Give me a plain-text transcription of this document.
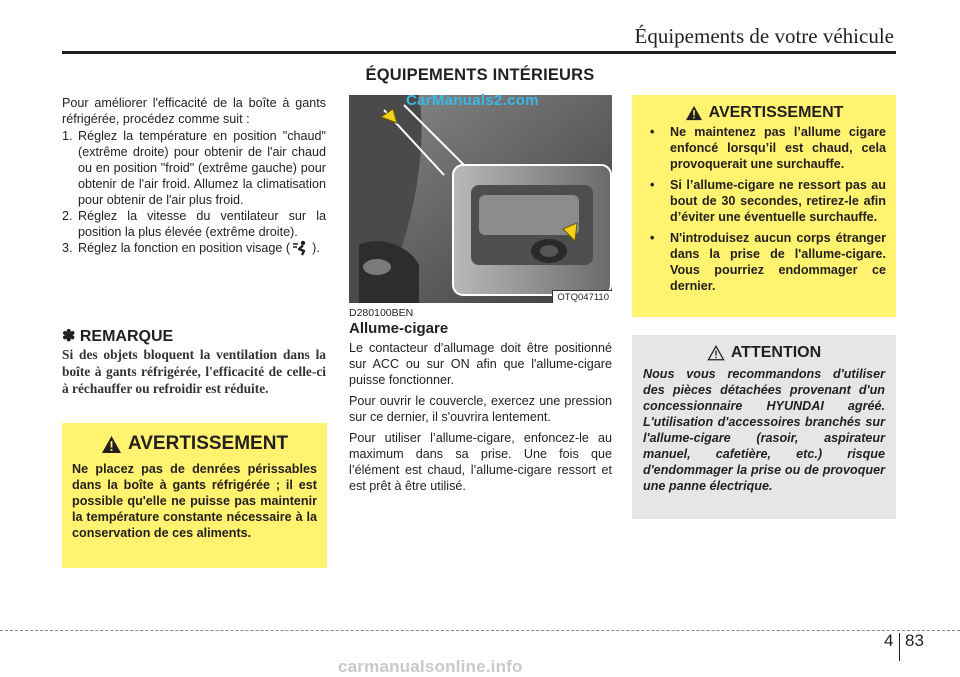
Équipements de votre véhicule
ÉQUIPEMENTS INTÉRIEURS
Pour améliorer l'efficacité de la boîte à gants réfrigérée, procédez comme suit :
1. Réglez la température en position "chaud" (extrême droite) pour obtenir de l'air chaud ou en position "froid" (extrême gauche) pour obtenir de l'air froid. Allumez la climatisation pour obtenir de l'air plus froid.
2. Réglez la vitesse du ventilateur sur la position la plus élevée (extrême droite).
3. Réglez la fonction en position visage ( ).
✽ REMARQUE
Si des objets bloquent la ventilation dans la boîte à gants réfrigérée, l'efficacité de celle-ci à réchauffer ou refroidir est réduite.
AVERTISSEMENT
Ne placez pas de denrées périssables dans la boîte à gants réfrigérée ; il est possible qu'elle ne puisse pas maintenir la température constante nécessaire à la conservation de ces aliments.
OTQ047110
CarManuals2.com
D280100BEN
Allume-cigare

Le contacteur d'allumage doit être positionné sur ACC ou sur ON afin que l'allume-cigare puisse fonctionner.

Pour ouvrir le couvercle, exercez une pression sur ce dernier, il s'ouvrira lentement.

Pour utiliser l’allume-cigare, enfoncez-le au maximum dans sa prise. Une fois que l’élément est chaud, l’allume-cigare ressort et est prêt à être utilisé.

AVERTISSEMENT
• Ne maintenez pas l’allume cigare enfoncé lorsqu’il est chaud, cela provoquerait une surchauffe.
• Si l’allume-cigare ne ressort pas au bout de 30 secondes, retirez-le afin d’éviter une éventuelle surchauffe.
• N'introduisez aucun corps étranger dans la prise de l'allume-cigare. Vous pourriez endommager ce dernier.
ATTENTION
Nous vous recommandons d'utiliser des pièces détachées provenant d'un concessionnaire HYUNDAI agréé. L'utilisation d'accessoires branchés sur l'allume-cigare (rasoir, aspirateur manuel, cafetière, etc.) risque d'endommager la prise ou de provoquer une panne électrique.
4 83
carmanualsonline.info
